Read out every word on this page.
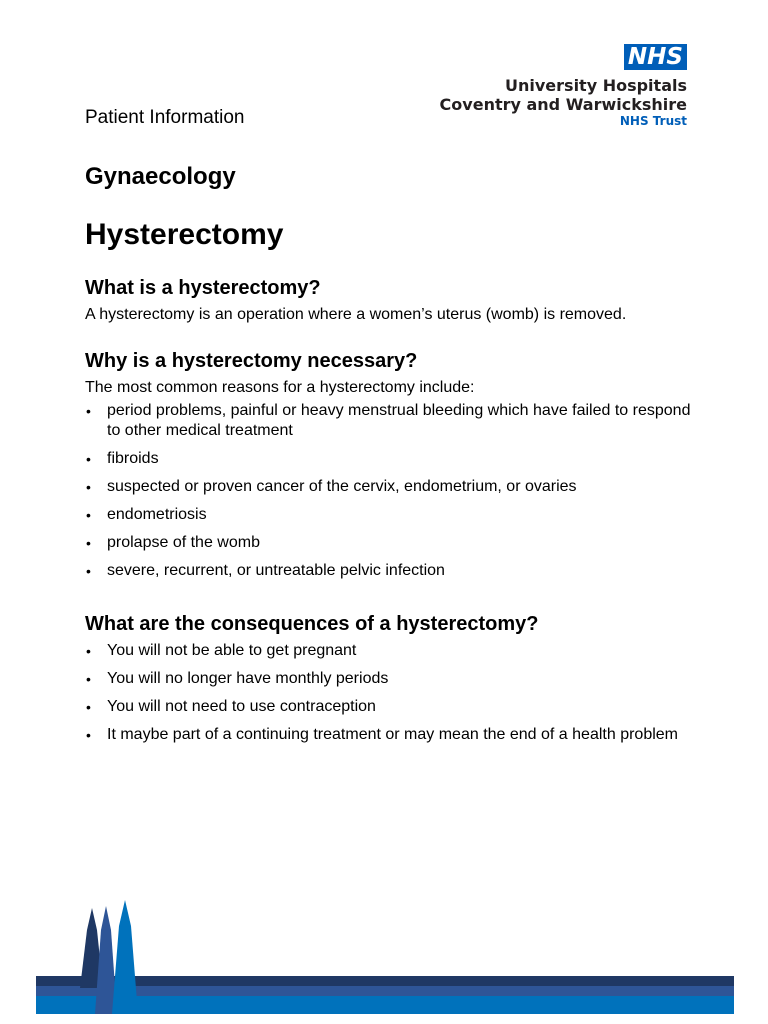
NHS
University Hospitals
Coventry and Warwickshire
NHS Trust
Patient Information
Gynaecology
Hysterectomy
What is a hysterectomy?

A hysterectomy is an operation where a women’s uterus (womb) is removed.

Why is a hysterectomy necessary?

The most common reasons for a hysterectomy include:

• period problems, painful or heavy menstrual bleeding which have failed to respond to other medical treatment
• fibroids
• suspected or proven cancer of the cervix, endometrium, or ovaries
• endometriosis
• prolapse of the womb
• severe, recurrent, or untreatable pelvic infection
What are the consequences of a hysterectomy?
• You will not be able to get pregnant
• You will no longer have monthly periods
• You will not need to use contraception
• It maybe part of a continuing treatment or may mean the end of a health problem
